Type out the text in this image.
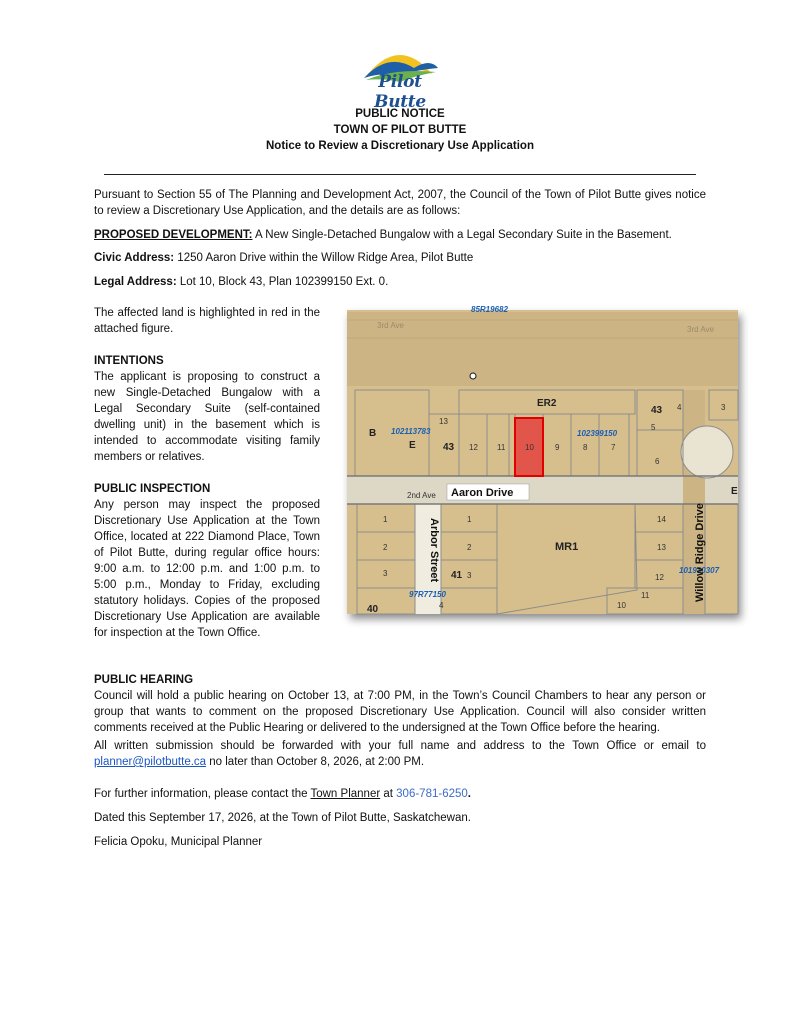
Pilot Butte
PUBLIC NOTICE
TOWN OF PILOT BUTTE
Notice to Review a Discretionary Use Application
Pursuant to Section 55 of The Planning and Development Act, 2007, the Council of the Town of Pilot Butte gives notice to review a Discretionary Use Application, and the details are as follows:
PROPOSED DEVELOPMENT: A New Single-Detached Bungalow with a Legal Secondary Suite in the Basement.
Civic Address: 1250 Aaron Drive within the Willow Ridge Area, Pilot Butte
Legal Address: Lot 10, Block 43, Plan 102399150 Ext. 0.
The affected land is highlighted in red in the attached figure.
INTENTIONS
The applicant is proposing to construct a new Single-Detached Bungalow with a Legal Secondary Suite (self-contained dwelling unit) in the basement which is intended to accommodate visiting family members or relatives.
PUBLIC INSPECTION
Any person may inspect the proposed Discretionary Use Application at the Town Office, located at 222 Diamond Place, Town of Pilot Butte, during regular office hours: 9:00 a.m. to 12:00 p.m. and 1:00 p.m. to 5:00 p.m., Monday to Friday, excluding statutory holidays. Copies of the proposed Discretionary Use Application are available for inspection at the Town Office.
3rd Ave	3rd Ave
85R19682
102113783	102399150
97R77150
101930307
ER2
43
B
E	43
MR1
41
40
E
13
12 11 10	9	8	7
4	3
5
6
1
2
3
1
2
3
4
14
13
12
11
10
2nd Ave Aaron Drive
Arbor Street	Willow Ridge Drive
PUBLIC HEARING
Council will hold a public hearing on October 13, at 7:00 PM, in the Town’s Council Chambers to hear any person or group that wants to comment on the proposed Discretionary Use Application. Council will also consider written comments received at the Public Hearing or delivered to the undersigned at the Town Office before the hearing.
All written submission should be forwarded with your full name and address to the Town Office or email to planner@pilotbutte.ca no later than October 8, 2026, at 2:00 PM.
For further information, please contact the Town Planner at 306-781-6250.
Dated this September 17, 2026, at the Town of Pilot Butte, Saskatchewan.
Felicia Opoku, Municipal Planner
